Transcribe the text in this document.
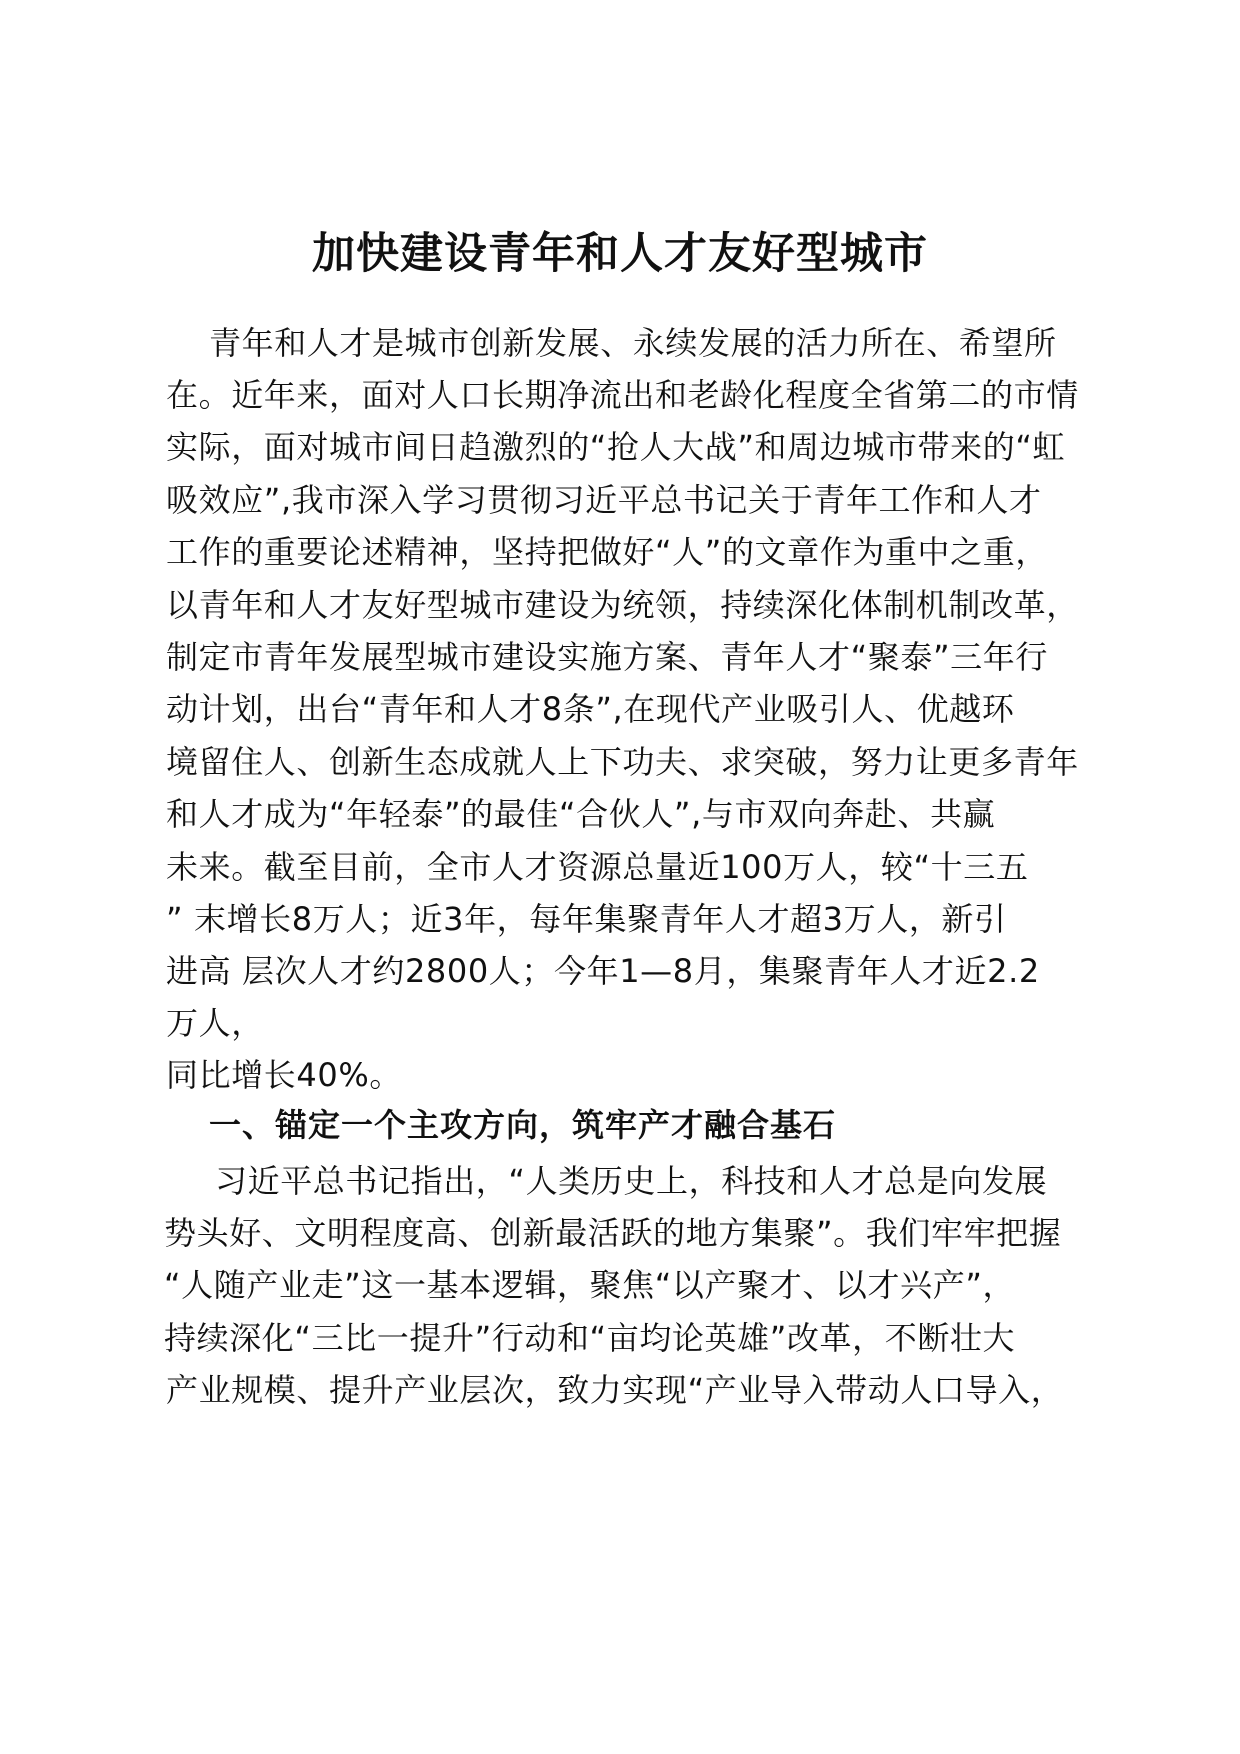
加快建设青年和人才友好型城市
青年和人才是城市创新发展、永续发展的活力所在、希望所
在。近年来，面对人口长期净流出和老龄化程度全省第二的市情
实际，面对城市间日趋激烈的“抢人大战”和周边城市带来的“虹
吸效应”,我市深入学习贯彻习近平总书记关于青年工作和人才
工作的重要论述精神，坚持把做好“人”的文章作为重中之重，
以青年和人才友好型城市建设为统领，持续深化体制机制改革，
制定市青年发展型城市建设实施方案、青年人才“聚泰”三年行
动计划，出台“青年和人才8条”,在现代产业吸引人、优越环
境留住人、创新生态成就人上下功夫、求突破，努力让更多青年
和人才成为“年轻泰”的最佳“合伙人”,与市双向奔赴、共赢
未来。截至目前，全市人才资源总量近100万人，较“十三五
” 末增长8万人；近3年，每年集聚青年人才超3万人，新引
进高 层次人才约2800人；今年1—8月，集聚青年人才近2.2
万人，
同比增长40%。
一、锚定一个主攻方向，筑牢产才融合基石
习近平总书记指出，“人类历史上，科技和人才总是向发展
势头好、文明程度高、创新最活跃的地方集聚”。我们牢牢把握
“人随产业走”这一基本逻辑，聚焦“以产聚才、以才兴产”，
持续深化“三比一提升”行动和“亩均论英雄”改革，不断壮大
产业规模、提升产业层次，致力实现“产业导入带动人口导入，
